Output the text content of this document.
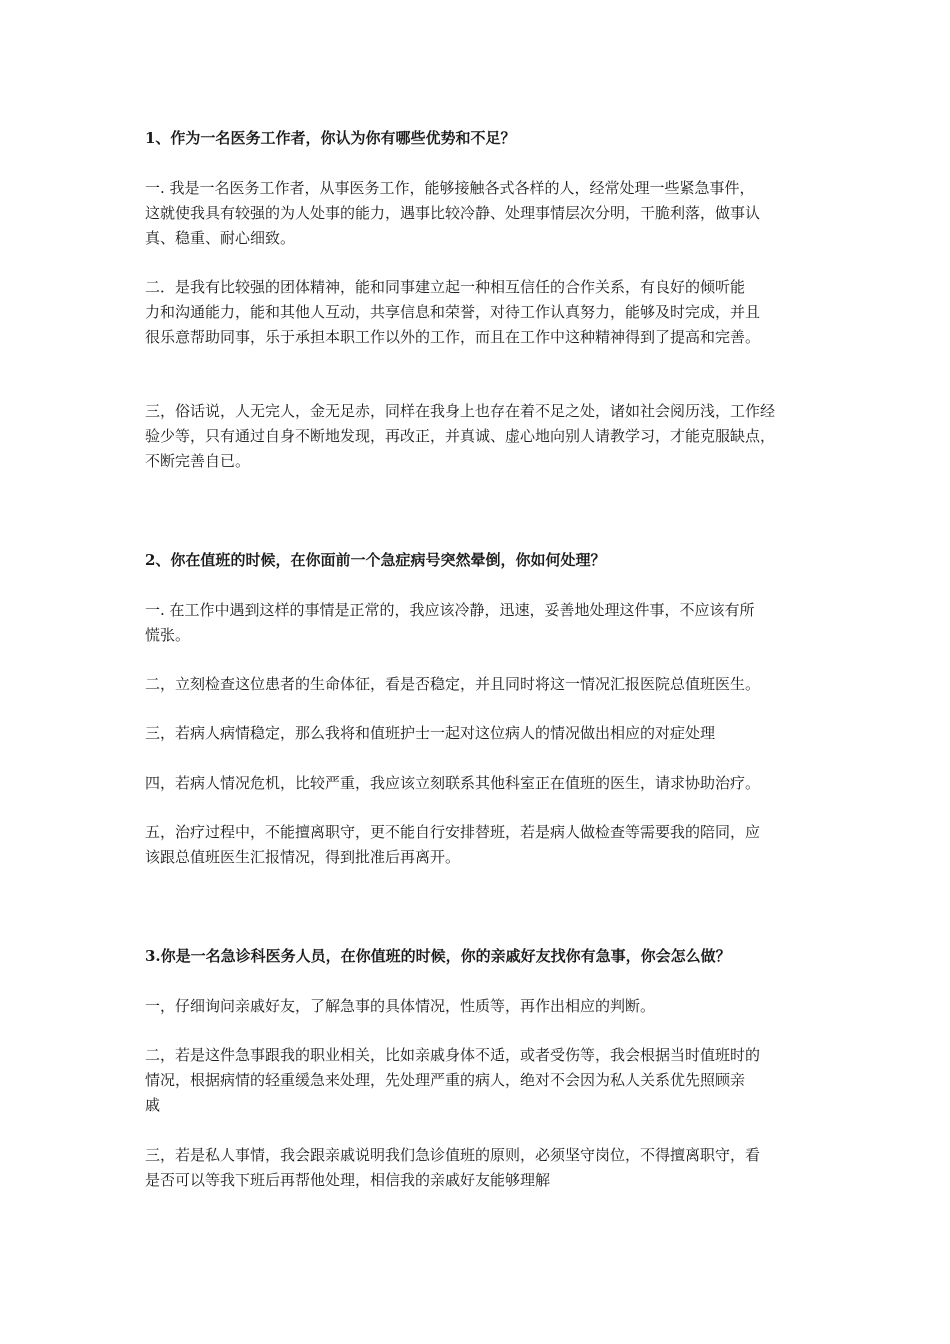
1、作为一名医务工作者，你认为你有哪些优势和不足？

一. 我是一名医务工作者，从事医务工作，能够接触各式各样的人，经常处理一些紧急事件，
这就使我具有较强的为人处事的能力，遇事比较冷静、处理事情层次分明，干脆利落，做事认
真、稳重、耐心细致。

二．是我有比较强的团体精神，能和同事建立起一种相互信任的合作关系，有良好的倾听能
力和沟通能力，能和其他人互动，共享信息和荣誉，对待工作认真努力，能够及时完成，并且
很乐意帮助同事，乐于承担本职工作以外的工作，而且在工作中这种精神得到了提高和完善。

三，俗话说，人无完人，金无足赤，同样在我身上也存在着不足之处，诸如社会阅历浅，工作经
验少等，只有通过自身不断地发现，再改正，并真诚、虚心地向别人请教学习，才能克服缺点，
不断完善自已。

2、你在值班的时候，在你面前一个急症病号突然晕倒，你如何处理？

一. 在工作中遇到这样的事情是正常的，我应该冷静，迅速，妥善地处理这件事，不应该有所
慌张。

二，立刻检查这位患者的生命体征，看是否稳定，并且同时将这一情况汇报医院总值班医生。

三，若病人病情稳定，那么我将和值班护士一起对这位病人的情况做出相应的对症处理

四，若病人情况危机，比较严重，我应该立刻联系其他科室正在值班的医生，请求协助治疗。

五，治疗过程中，不能擅离职守，更不能自行安排替班，若是病人做检查等需要我的陪同，应
该跟总值班医生汇报情况，得到批准后再离开。

3.你是一名急诊科医务人员，在你值班的时候，你的亲戚好友找你有急事，你会怎么做？

一，仔细询问亲戚好友，了解急事的具体情况，性质等，再作出相应的判断。

二，若是这件急事跟我的职业相关，比如亲戚身体不适，或者受伤等，我会根据当时值班时的
情况，根据病情的轻重缓急来处理，先处理严重的病人，绝对不会因为私人关系优先照顾亲
戚

三，若是私人事情，我会跟亲戚说明我们急诊值班的原则，必须坚守岗位，不得擅离职守，看
是否可以等我下班后再帮他处理，相信我的亲戚好友能够理解
